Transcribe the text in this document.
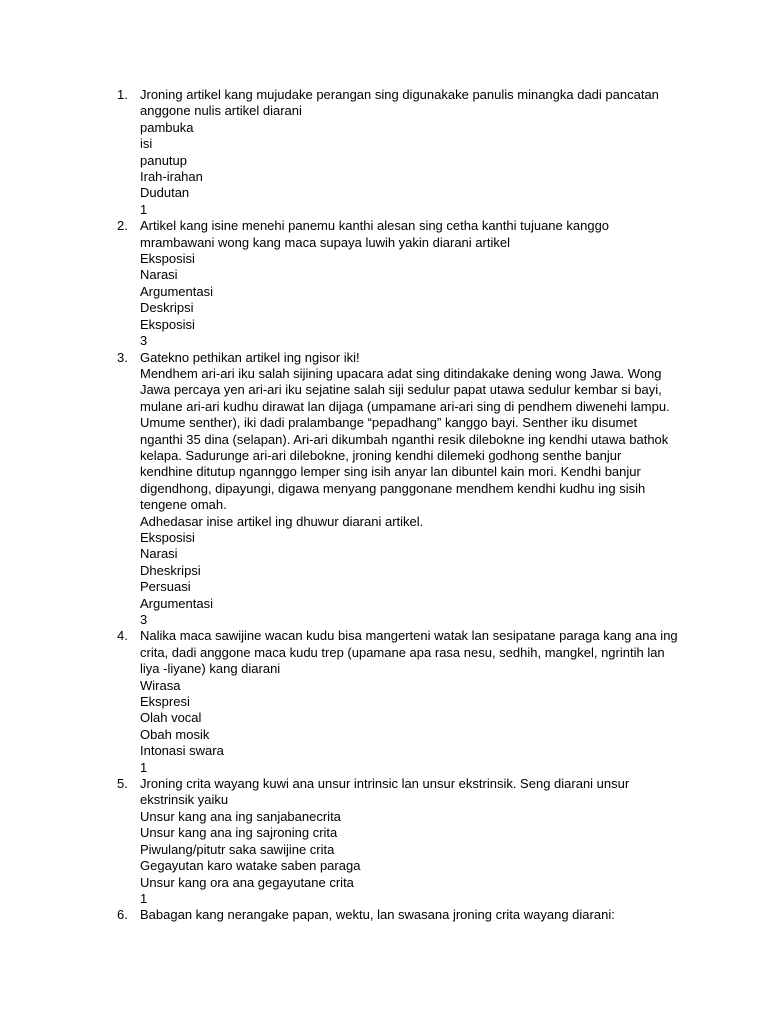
1. Jroning artikel kang mujudake perangan sing digunakake panulis minangka dadi pancatan
anggone nulis artikel diarani
pambuka
isi
panutup
Irah-irahan
Dudutan
1
2. Artikel kang isine menehi panemu kanthi alesan sing cetha kanthi tujuane kanggo
mrambawani wong kang maca supaya luwih yakin diarani artikel
Eksposisi
Narasi
Argumentasi
Deskripsi
Eksposisi
3
3. Gatekno pethikan artikel ing ngisor iki!
Mendhem ari-ari iku salah sijining upacara adat sing ditindakake dening wong Jawa. Wong
Jawa percaya yen ari-ari iku sejatine salah siji sedulur papat utawa sedulur kembar si bayi,
mulane ari-ari kudhu dirawat lan dijaga (umpamane ari-ari sing di pendhem diwenehi lampu.
Umume senther), iki dadi pralambange “pepadhang” kanggo bayi. Senther iku disumet
nganthi 35 dina (selapan). Ari-ari dikumbah nganthi resik dilebokne ing kendhi utawa bathok
kelapa. Sadurunge ari-ari dilebokne, jroning kendhi dilemeki godhong senthe banjur
kendhine ditutup ngannggo lemper sing isih anyar lan dibuntel kain mori. Kendhi banjur
digendhong, dipayungi, digawa menyang panggonane mendhem kendhi kudhu ing sisih
tengene omah.
Adhedasar inise artikel ing dhuwur diarani artikel.
Eksposisi
Narasi
Dheskripsi
Persuasi
Argumentasi
3
4. Nalika maca sawijine wacan kudu bisa mangerteni watak lan sesipatane paraga kang ana ing
crita, dadi anggone maca kudu trep (upamane apa rasa nesu, sedhih, mangkel, ngrintih lan
liya -liyane) kang diarani
Wirasa
Ekspresi
Olah vocal
Obah mosik
Intonasi swara
1
5. Jroning crita wayang kuwi ana unsur intrinsic lan unsur ekstrinsik. Seng diarani unsur
ekstrinsik yaiku
Unsur kang ana ing sanjabanecrita
Unsur kang ana ing sajroning crita
Piwulang/pitutr saka sawijine crita
Gegayutan karo watake saben paraga
Unsur kang ora ana gegayutane crita
1
6. Babagan kang nerangake papan, wektu, lan swasana jroning crita wayang diarani:
